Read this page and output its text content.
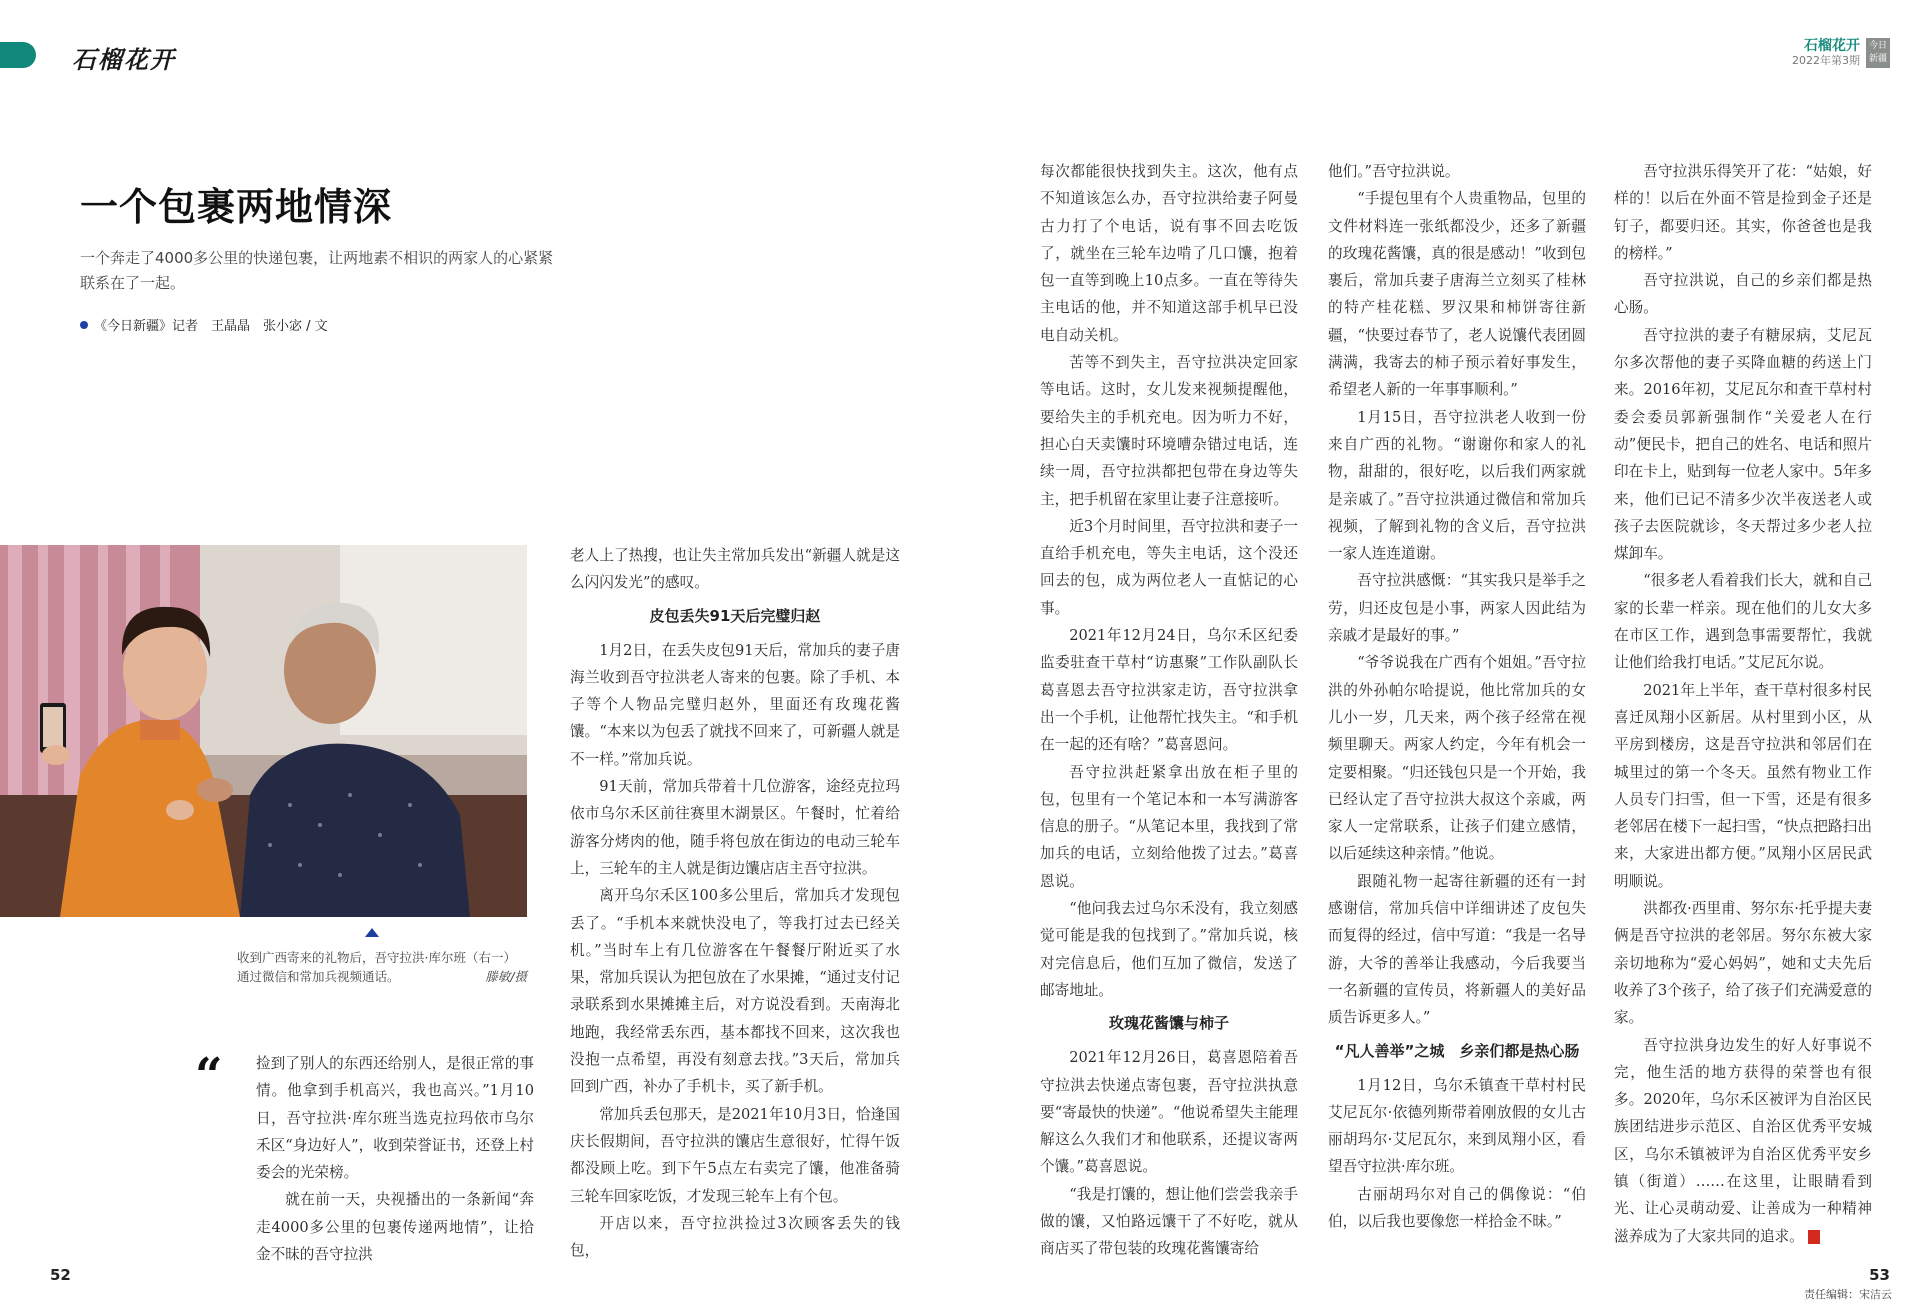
石榴花开	石榴花开
2022年第3期
今日新疆
一个包裹两地情深
一个奔走了4000多公里的快递包裹，让两地素不相识的两家人的心紧紧联系在了一起。
《今日新疆》记者　王晶晶　张小宓 / 文
收到广西寄来的礼物后，吾守拉洪·库尔班（右一）通过微信和常加兵视频通话。	滕敏/摄
“ 捡到了别人的东西还给别人，是很正常的事情。他拿到手机高兴，我也高兴。”1月10日，吾守拉洪·库尔班当选克拉玛依市乌尔禾区“身边好人”，收到荣誉证书，还登上村委会的光荣榜。

就在前一天，央视播出的一条新闻“奔走4000多公里的包裹传递两地情”，让拾金不昧的吾守拉洪

老人上了热搜，也让失主常加兵发出“新疆人就是这么闪闪发光”的感叹。

皮包丢失91天后完璧归赵

1月2日，在丢失皮包91天后，常加兵的妻子唐海兰收到吾守拉洪老人寄来的包裹。除了手机、本子等个人物品完璧归赵外，里面还有玫瑰花酱馕。“本来以为包丢了就找不回来了，可新疆人就是不一样。”常加兵说。

91天前，常加兵带着十几位游客，途经克拉玛依市乌尔禾区前往赛里木湖景区。午餐时，忙着给游客分烤肉的他，随手将包放在街边的电动三轮车上，三轮车的主人就是街边馕店店主吾守拉洪。

离开乌尔禾区100多公里后，常加兵才发现包丢了。“手机本来就快没电了，等我打过去已经关机。”当时车上有几位游客在午餐餐厅附近买了水果，常加兵误认为把包放在了水果摊，“通过支付记录联系到水果摊摊主后，对方说没看到。天南海北地跑，我经常丢东西，基本都找不回来，这次我也没抱一点希望，再没有刻意去找。”3天后，常加兵回到广西，补办了手机卡，买了新手机。

常加兵丢包那天，是2021年10月3日，恰逢国庆长假期间，吾守拉洪的馕店生意很好，忙得午饭都没顾上吃。到下午5点左右卖完了馕，他准备骑三轮车回家吃饭，才发现三轮车上有个包。

开店以来，吾守拉洪捡过3次顾客丢失的钱包，

每次都能很快找到失主。这次，他有点不知道该怎么办，吾守拉洪给妻子阿曼古力打了个电话，说有事不回去吃饭了，就坐在三轮车边啃了几口馕，抱着包一直等到晚上10点多。一直在等待失主电话的他，并不知道这部手机早已没电自动关机。

苦等不到失主，吾守拉洪决定回家等电话。这时，女儿发来视频提醒他，要给失主的手机充电。因为听力不好，担心白天卖馕时环境嘈杂错过电话，连续一周，吾守拉洪都把包带在身边等失主，把手机留在家里让妻子注意接听。

近3个月时间里，吾守拉洪和妻子一直给手机充电，等失主电话，这个没还回去的包，成为两位老人一直惦记的心事。

2021年12月24日，乌尔禾区纪委监委驻查干草村“访惠聚”工作队副队长葛喜恩去吾守拉洪家走访，吾守拉洪拿出一个手机，让他帮忙找失主。“和手机在一起的还有啥？”葛喜恩问。

吾守拉洪赶紧拿出放在柜子里的包，包里有一个笔记本和一本写满游客信息的册子。“从笔记本里，我找到了常加兵的电话，立刻给他拨了过去。”葛喜恩说。

“他问我去过乌尔禾没有，我立刻感觉可能是我的包找到了。”常加兵说，核对完信息后，他们互加了微信，发送了邮寄地址。

玫瑰花酱馕与柿子

2021年12月26日，葛喜恩陪着吾守拉洪去快递点寄包裹，吾守拉洪执意要“寄最快的快递”。“他说希望失主能理解这么久我们才和他联系，还提议寄两个馕。”葛喜恩说。

“我是打馕的，想让他们尝尝我亲手做的馕，又怕路远馕干了不好吃，就从商店买了带包装的玫瑰花酱馕寄给

他们。”吾守拉洪说。

“手提包里有个人贵重物品，包里的文件材料连一张纸都没少，还多了新疆的玫瑰花酱馕，真的很是感动！”收到包裹后，常加兵妻子唐海兰立刻买了桂林的特产桂花糕、罗汉果和柿饼寄往新疆，“快要过春节了，老人说馕代表团圆满满，我寄去的柿子预示着好事发生，希望老人新的一年事事顺利。”

1月15日，吾守拉洪老人收到一份来自广西的礼物。“谢谢你和家人的礼物，甜甜的，很好吃，以后我们两家就是亲戚了。”吾守拉洪通过微信和常加兵视频，了解到礼物的含义后，吾守拉洪一家人连连道谢。

吾守拉洪感慨：“其实我只是举手之劳，归还皮包是小事，两家人因此结为亲戚才是最好的事。”

“爷爷说我在广西有个姐姐。”吾守拉洪的外孙帕尔哈提说，他比常加兵的女儿小一岁，几天来，两个孩子经常在视频里聊天。两家人约定，今年有机会一定要相聚。“归还钱包只是一个开始，我已经认定了吾守拉洪大叔这个亲戚，两家人一定常联系，让孩子们建立感情，以后延续这种亲情。”他说。

跟随礼物一起寄往新疆的还有一封感谢信，常加兵信中详细讲述了皮包失而复得的经过，信中写道：“我是一名导游，大爷的善举让我感动，今后我要当一名新疆的宣传员，将新疆人的美好品质告诉更多人。”

“凡人善举”之城　乡亲们都是热心肠

1月12日，乌尔禾镇查干草村村民艾尼瓦尔·依德列斯带着刚放假的女儿古丽胡玛尔·艾尼瓦尔，来到凤翔小区，看望吾守拉洪·库尔班。

古丽胡玛尔对自己的偶像说：“伯伯，以后我也要像您一样拾金不昧。”

吾守拉洪乐得笑开了花：“姑娘，好样的！以后在外面不管是捡到金子还是钉子，都要归还。其实，你爸爸也是我的榜样。”

吾守拉洪说，自己的乡亲们都是热心肠。

吾守拉洪的妻子有糖尿病，艾尼瓦尔多次帮他的妻子买降血糖的药送上门来。2016年初，艾尼瓦尔和查干草村村委会委员郭新强制作“关爱老人在行动”便民卡，把自己的姓名、电话和照片印在卡上，贴到每一位老人家中。5年多来，他们已记不清多少次半夜送老人或孩子去医院就诊，冬天帮过多少老人拉煤卸车。

“很多老人看着我们长大，就和自己家的长辈一样亲。现在他们的儿女大多在市区工作，遇到急事需要帮忙，我就让他们给我打电话。”艾尼瓦尔说。

2021年上半年，查干草村很多村民喜迁凤翔小区新居。从村里到小区，从平房到楼房，这是吾守拉洪和邻居们在城里过的第一个冬天。虽然有物业工作人员专门扫雪，但一下雪，还是有很多老邻居在楼下一起扫雪，“快点把路扫出来，大家进出都方便。”凤翔小区居民武明顺说。

洪都孜·西里甫、努尔东·托乎提夫妻俩是吾守拉洪的老邻居。努尔东被大家亲切地称为“爱心妈妈”，她和丈夫先后收养了3个孩子，给了孩子们充满爱意的家。

吾守拉洪身边发生的好人好事说不完，他生活的地方获得的荣誉也有很多。2020年，乌尔禾区被评为自治区民族团结进步示范区、自治区优秀平安城区，乌尔禾镇被评为自治区优秀平安乡镇（街道）……在这里，让眼睛看到光、让心灵萌动爱、让善成为一种精神滋养成为了大家共同的追求。

52	53
责任编辑：宋洁云
